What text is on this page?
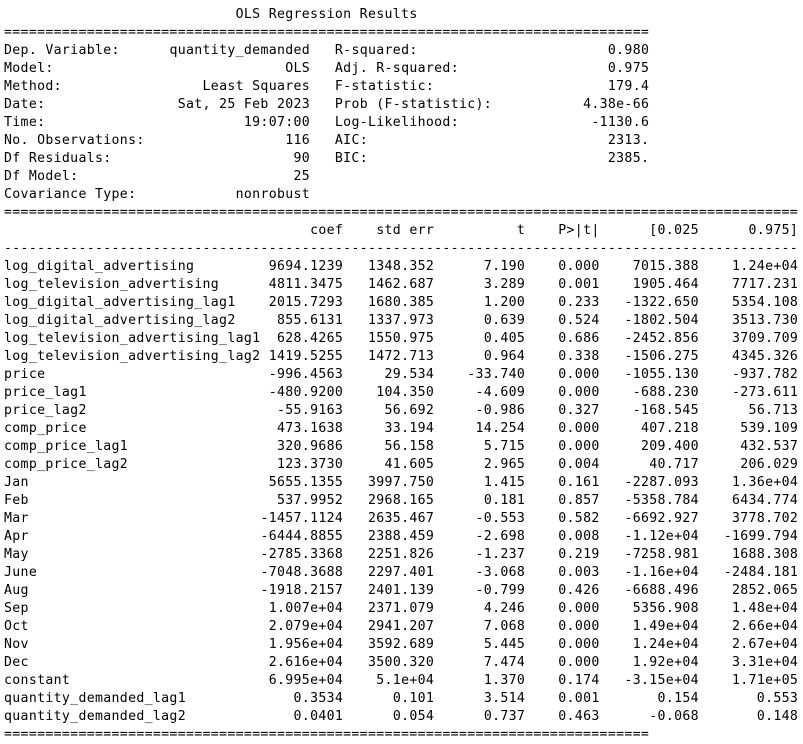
OLS Regression Results
==============================================================================
Dep. Variable:	quantity_demanded R-squared:	0.980
Model:	OLS Adj. R-squared:	0.975
Method:	Least Squares F-statistic:	179.4
Date:	Sat, 25 Feb 2023 Prob (F-statistic):	4.38e-66
Time:	19:07:00 Log-Likelihood:	-1130.6
No. Observations:	116 AIC:	2313.
Df Residuals:	90 BIC:	2385.
Df Model:	25
Covariance Type:	nonrobust
================================================================================================
coef	std err	t	P>|t|	[0.025	0.975]
------------------------------------------------------------------------------------------------
log_digital_advertising	9694.1239 1348.352	7.190	0.000	7015.388	1.24e+04
log_television_advertising	4811.3475 1462.687	3.289	0.001	1905.464	7717.231
log_digital_advertising_lag1	2015.7293 1680.385	1.200	0.233 -1322.650	5354.108
log_digital_advertising_lag2	855.6131 1337.973	0.639	0.524 -1802.504	3513.730
log_television_advertising_lag1 628.4265 1550.975	0.405	0.686 -2452.856	3709.709
log_television_advertising_lag2 1419.5255 1472.713	0.964	0.338 -1506.275	4345.326
price	-996.4563	29.534	-33.740	0.000 -1055.130	-937.782
price_lag1	-480.9200	104.350	-4.609	0.000	-688.230	-273.611
price_lag2	-55.9163	56.692	-0.986	0.327	-168.545	56.713
comp_price	473.1638	33.194	14.254	0.000	407.218	539.109
comp_price_lag1	320.9686	56.158	5.715	0.000	209.400	432.537
comp_price_lag2	123.3730	41.605	2.965	0.004	40.717	206.029
Jan	5655.1355 3997.750	1.415	0.161 -2287.093	1.36e+04
Feb	537.9952 2968.165	0.181	0.857 -5358.784	6434.774
Mar	-1457.1124 2635.467	-0.553	0.582 -6692.927	3778.702
Apr	-6444.8855 2388.459	-2.698	0.008 -1.12e+04 -1699.794
May	-2785.3368 2251.826	-1.237	0.219 -7258.981	1688.308
June	-7048.3688 2297.401	-3.068	0.003 -1.16e+04 -2484.181
Aug	-1918.2157 2401.139	-0.799	0.426 -6688.496	2852.065
Sep	1.007e+04 2371.079	4.246	0.000	5356.908	1.48e+04
Oct	2.079e+04 2941.207	7.068	0.000	1.49e+04	2.66e+04
Nov	1.956e+04 3592.689	5.445	0.000	1.24e+04	2.67e+04
Dec	2.616e+04 3500.320	7.474	0.000	1.92e+04	3.31e+04
constant	6.995e+04	5.1e+04	1.370	0.174 -3.15e+04	1.71e+05
quantity_demanded_lag1	0.3534	0.101	3.514	0.001	0.154	0.553
quantity_demanded_lag2	0.0401	0.054	0.737	0.463	-0.068	0.148
==============================================================================
